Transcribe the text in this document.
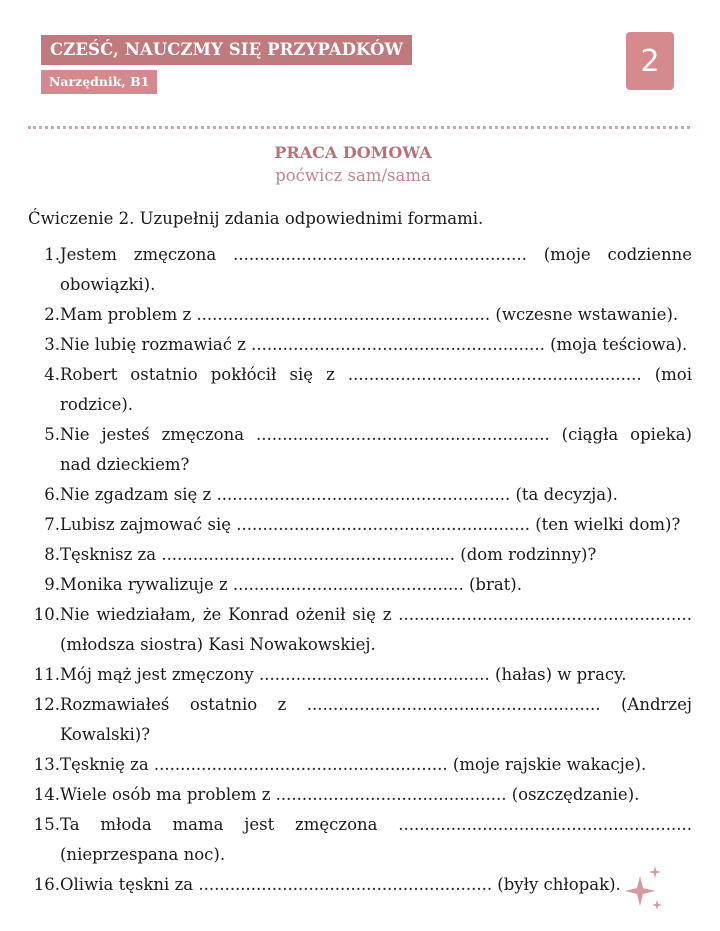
CZEŚĆ, NAUCZMY SIĘ PRZYPADKÓW
Narzędnik, B1
2
PRACA DOMOWA
poćwicz sam/sama
Ćwiczenie 2. Uzupełnij zdania odpowiednimi formami.
1. Jestem zmęczona ........................................................ (moje codzienne obowiązki).
2. Mam problem z ........................................................ (wczesne wstawanie).
3. Nie lubię rozmawiać z ........................................................ (moja teściowa).
4. Robert ostatnio pokłócił się z ........................................................ (moi rodzice).
5. Nie jesteś zmęczona ........................................................ (ciągła opieka) nad dzieckiem?
6. Nie zgadzam się z ........................................................ (ta decyzja).
7. Lubisz zajmować się ........................................................ (ten wielki dom)?
8. Tęsknisz za ........................................................ (dom rodzinny)?
9. Monika rywalizuje z ............................................ (brat).
10. Nie wiedziałam, że Konrad ożenił się z ........................................................ (młodsza siostra) Kasi Nowakowskiej.
11. Mój mąż jest zmęczony ............................................ (hałas) w pracy.
12. Rozmawiałeś ostatnio z ........................................................ (Andrzej Kowalski)?
13. Tęsknię za ........................................................ (moje rajskie wakacje).
14. Wiele osób ma problem z ............................................ (oszczędzanie).
15. Ta młoda mama jest zmęczona ........................................................ (nieprzespana noc).
16. Oliwia tęskni za ........................................................ (były chłopak).
